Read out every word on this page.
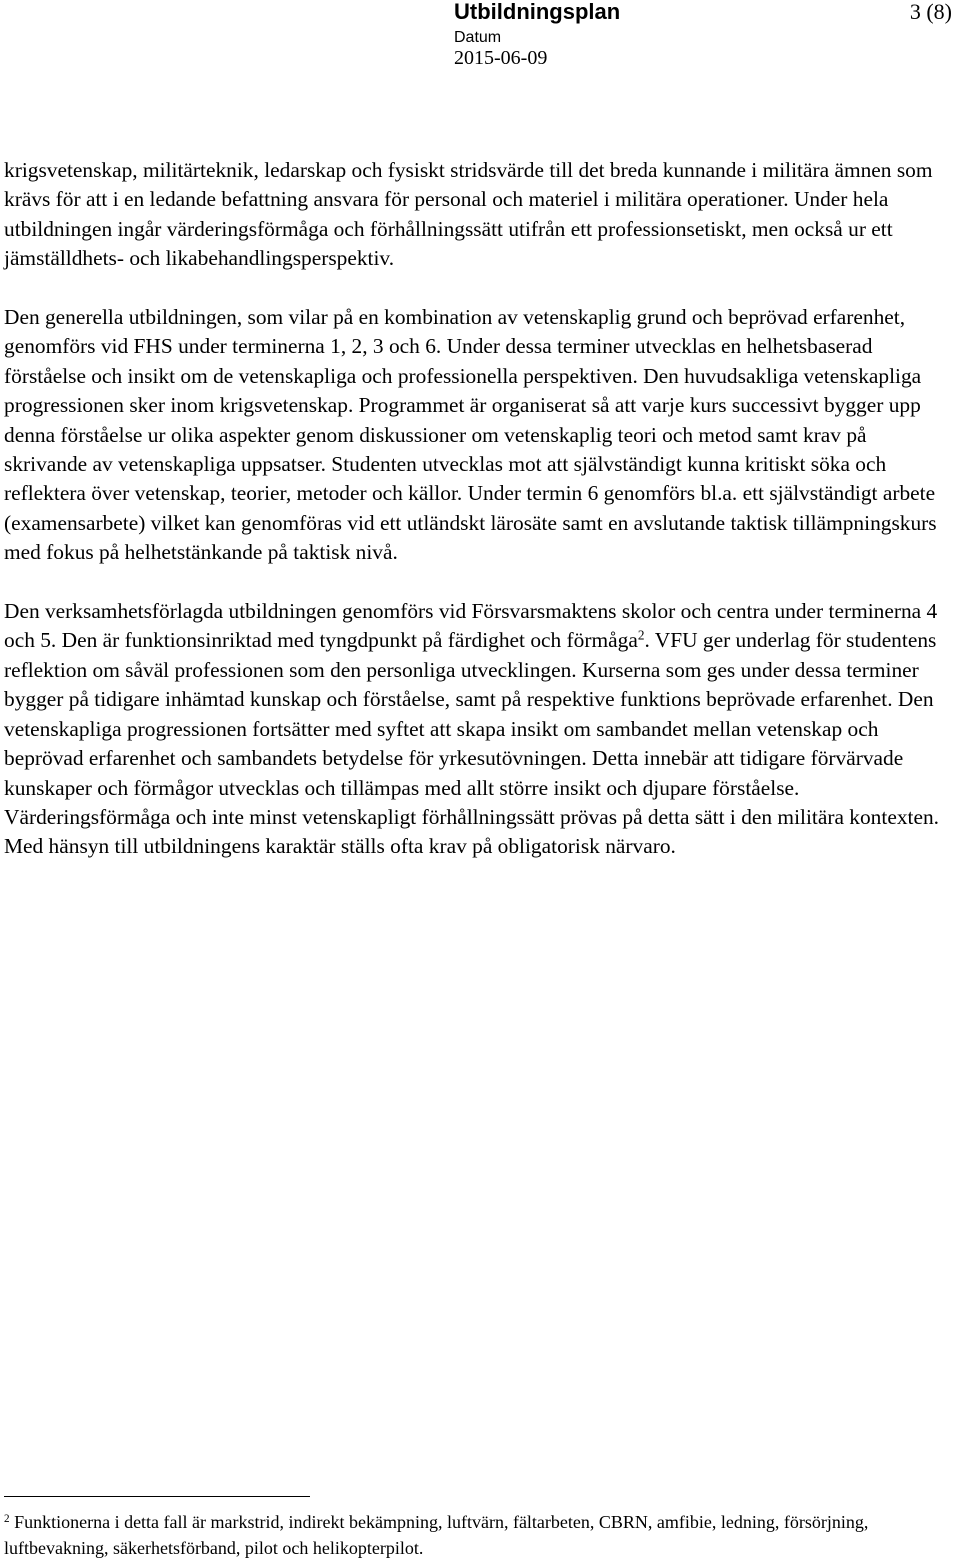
Utbildningsplan	3 (8)
Datum
2015-06-09

krigsvetenskap, militärteknik, ledarskap och fysiskt stridsvärde till det breda kunnande i militära ämnen som krävs för att i en ledande befattning ansvara för personal och materiel i militära operationer. Under hela utbildningen ingår värderingsförmåga och förhållningssätt utifrån ett professionsetiskt, men också ur ett jämställdhets- och likabehandlingsperspektiv.

Den generella utbildningen, som vilar på en kombination av vetenskaplig grund och beprövad erfarenhet, genomförs vid FHS under terminerna 1, 2, 3 och 6. Under dessa terminer utvecklas en helhetsbaserad förståelse och insikt om de vetenskapliga och professionella perspektiven. Den huvudsakliga vetenskapliga progressionen sker inom krigsvetenskap. Programmet är organiserat så att varje kurs successivt bygger upp denna förståelse ur olika aspekter genom diskussioner om vetenskaplig teori och metod samt krav på skrivande av vetenskapliga uppsatser. Studenten utvecklas mot att självständigt kunna kritiskt söka och reflektera över vetenskap, teorier, metoder och källor. Under termin 6 genomförs bl.a. ett självständigt arbete (examensarbete) vilket kan genomföras vid ett utländskt lärosäte samt en avslutande taktisk tillämpningskurs med fokus på helhetstänkande på taktisk nivå.

Den verksamhetsförlagda utbildningen genomförs vid Försvarsmaktens skolor och centra under terminerna 4 och 5. Den är funktionsinriktad med tyngdpunkt på färdighet och förmåga$^2$. VFU ger underlag för studentens reflektion om såväl professionen som den personliga utvecklingen. Kurserna som ges under dessa terminer bygger på tidigare inhämtad kunskap och förståelse, samt på respektive funktions beprövade erfarenhet. Den vetenskapliga progressionen fortsätter med syftet att skapa insikt om sambandet mellan vetenskap och beprövad erfarenhet och sambandets betydelse för yrkesutövningen. Detta innebär att tidigare förvärvade kunskaper och förmågor utvecklas och tillämpas med allt större insikt och djupare förståelse. Värderingsförmåga och inte minst vetenskapligt förhållningssätt prövas på detta sätt i den militära kontexten. Med hänsyn till utbildningens karaktär ställs ofta krav på obligatorisk närvaro.

$^2$ Funktionerna i detta fall är markstrid, indirekt bekämpning, luftvärn, fältarbeten, CBRN, amfibie, ledning, försörjning, luftbevakning, säkerhetsförband, pilot och helikopterpilot.
